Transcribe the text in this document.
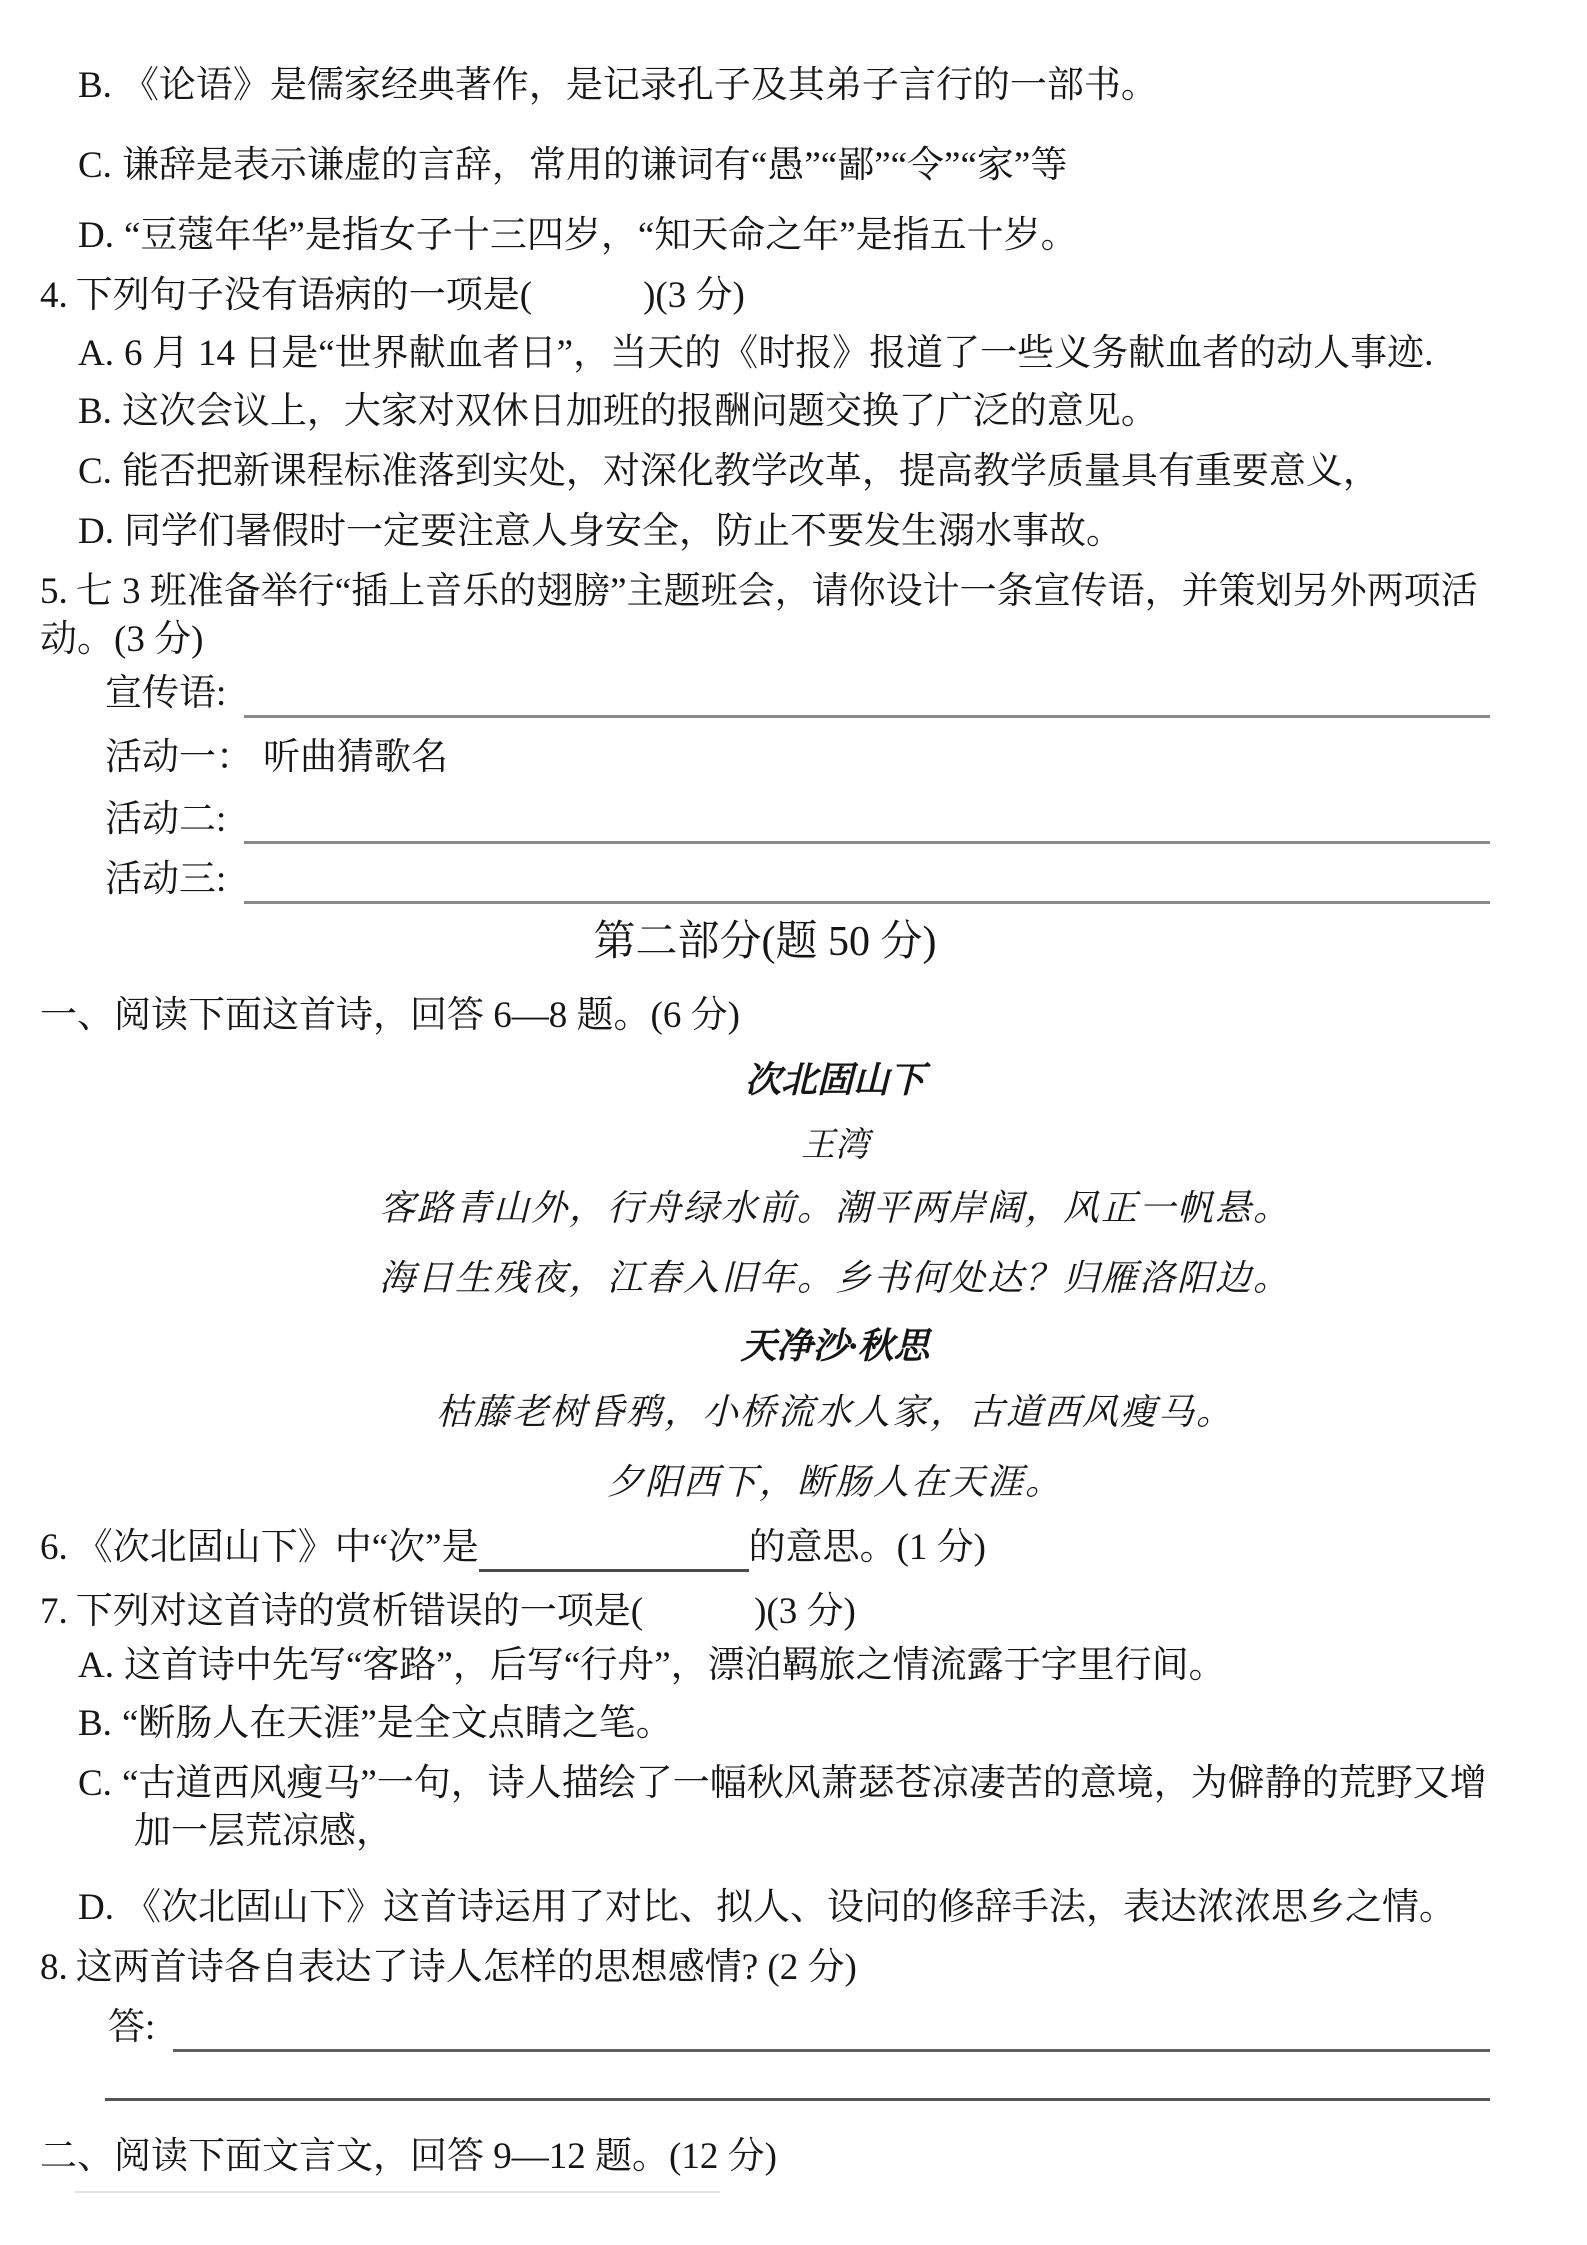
B. 《论语》是儒家经典著作，是记录孔子及其弟子言行的一部书。
C. 谦辞是表示谦虚的言辞，常用的谦词有“愚”“鄙”“令”“家”等
D. “豆蔻年华”是指女子十三四岁，“知天命之年”是指五十岁。
4. 下列句子没有语病的一项是(　　　)(3 分)
A. 6 月 14 日是“世界献血者日”，当天的《时报》报道了一些义务献血者的动人事迹.
B. 这次会议上，大家对双休日加班的报酬问题交换了广泛的意见。
C. 能否把新课程标准落到实处，对深化教学改革，提高教学质量具有重要意义，
D. 同学们暑假时一定要注意人身安全，防止不要发生溺水事故。
5. 七 3 班准备举行“插上音乐的翅膀”主题班会，请你设计一条宣传语，并策划另外两项活动。(3 分)
宣传语:
活动一： 听曲猜歌名
活动二:
活动三:
第二部分(题 50 分)
一、阅读下面这首诗，回答 6—8 题。(6 分)
次北固山下
王湾
客路青山外，行舟绿水前。潮平两岸阔，风正一帆悬。
海日生残夜，江春入旧年。乡书何处达？归雁洛阳边。
天净沙·秋思
枯藤老树昏鸦，小桥流水人家，古道西风瘦马。
夕阳西下，断肠人在天涯。
6. 《次北固山下》中“次”是	的意思。(1 分)
7. 下列对这首诗的赏析错误的一项是(　　　)(3 分)
A. 这首诗中先写“客路”，后写“行舟”，漂泊羁旅之情流露于字里行间。
B. “断肠人在天涯”是全文点睛之笔。
C. “古道西风瘦马”一句，诗人描绘了一幅秋风萧瑟苍凉凄苦的意境，为僻静的荒野又增加一层荒凉感，
D. 《次北固山下》这首诗运用了对比、拟人、设问的修辞手法，表达浓浓思乡之情。
8. 这两首诗各自表达了诗人怎样的思想感情? (2 分)
答:
二、阅读下面文言文，回答 9—12 题。(12 分)
